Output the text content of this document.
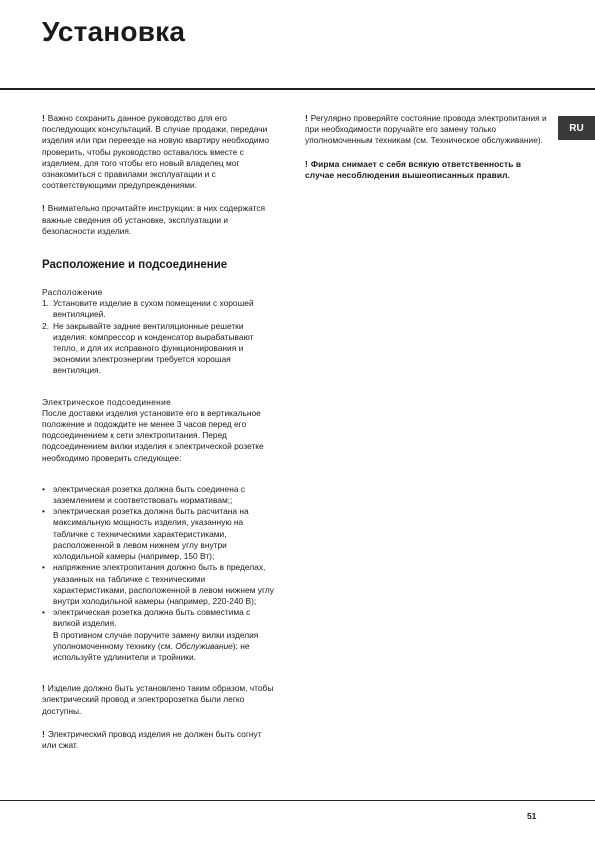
Установка
RU

! Важно сохранить данное руководство для его последующих консультаций. В случае продажи, передачи изделия или при переезде на новую квартиру необходимо проверить, чтобы руководство оставалось вместе с изделием, для того чтобы его новый владелец мог ознакомиться с правилами эксплуатации и с соответствующими предупреждениями.

! Внимательно прочитайте инструкции: в них содержатся важные сведения об установке, эксплуатации и безопасности изделия.

Расположение и подсоединение

Расположение

1. Установите изделие в сухом помещении с хорошей вентиляцией.
2. Не закрывайте задние вентиляционные решетки изделия: компрессор и конденсатор вырабатывают тепло, и для их исправного функционирования и экономии электроэнергии требуется хорошая вентиляция.

Электрическое подсоединение

После доставки изделия установите его в вертикальное положение и подождите не менее 3 часов перед его подсоединением к сети электропитания. Перед подсоединением вилки изделия к электрической розетке необходимо проверить следующее:

• электрическая розетка должна быть соединена с заземлением и соответствовать нормативам;;
• электрическая розетка должна быть расчитана на максимальную мощность изделия, указанную на табличке с техническими характеристиками, расположенной в левом нижнем углу внутри холодильной камеры (например, 150 Вт);
• напряжение электропитания должно быть в пределах, указанных на табличке с техническими характеристиками, расположенной в левом нижнем углу внутри холодильной камеры (например, 220-240 В);
• электрическая розетка должна быть совместима с вилкой изделия.
В противном случае поручите замену вилки изделия уполномоченному технику (см. Обслуживание); не используйте удлинители и тройники.

! Изделие должно быть установлено таким образом, чтобы электрический провод и электророзетка были легко доступны.

! Электрический провод изделия не должен быть согнут или сжат.

! Регулярно проверяйте состояние провода электропитания и при необходимости поручайте его замену только уполномоченным техникам (см. Техническое обслуживание).

! Фирма снимает с себя всякую ответственность в случае несоблюдения вышеописанных правил.

51
